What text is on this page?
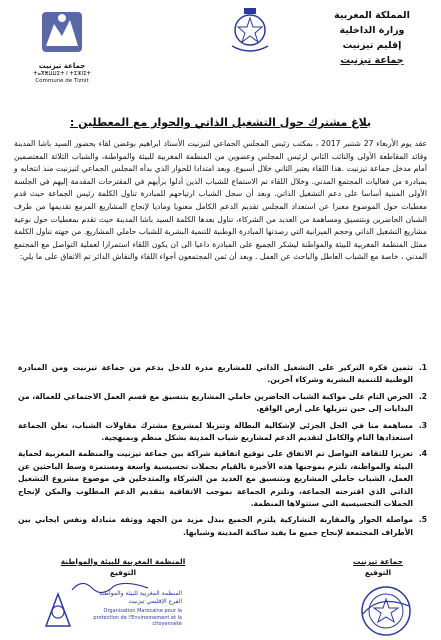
المملكة المغربية
وزارة الداخلية
إقليم تيزنيت
جماعة تيزنيت
جماعة تيزنيت
ⵜⴰⴳⴻⵡⵡⵉⵜ ⵏ ⵜⵉⵣⵏⵉⵜ
Commune de Tiznit
بلاغ مشترك حول التشغيل الذاتي والحوار مع المعطلين :
عقد يوم الأربعاء 27 شتنبر 2017 ، بمكتب رئيس المجلس الجماعي لتيزنيت الأستاذ ابراهيم بوغضن لقاء بحضور السيد باشا المدينة وقائد المقاطعة الأولى والنائب الثاني لرئيس المجلس وعضوين من المنظمة المغربية للبيئة والمواطنة، والشباب الثلاثة المعتصمين أمام مدخل جماعة تيزنيت .هذا اللقاء يعتبر الثاني خلال أسبوع. وبعد امتدادا للحوار الذي بدأه المجلس الجماعي لتيزنيت منذ انتخابه و بمبادرة من فعاليات المجتمع المدني. وخلال اللقاء تم الاستماع للشباب الذين أدلوا برأيهم في المقترحات المقدمة إليهم في الجلسة الأولى المبنية أساسا على دعم التشغيل الذاتي. وبعد أن سجل الشباب ارتياحهم للمبادرة تناول الكلمة رئيس الجماعة حيث قدم معطيات حول الموضوع معبرا عن استعداد المجلس تقديم الدعم الكامل معنويا وماديا لإنجاح المشاريع المزمع تقديمها من طرف الشبان الحاضرين وبتنسيق ومساهمة من العديد من الشركاء، تناول بعدها الكلمة السيد باشا المدينة حيث تقدم بمعطيات حول نوعية مشاريع التشغيل الذاتي وحجم الميزانية التي رصدتها المبادرة الوطنية للتنمية البشرية للشباب حاملي المشاريع. من جهته تناول الكلمة ممثل المنظمة المغربية للبيئة والمواطنة ليشكر الجميع على المبادرة داعيا الى ان يكون اللقاء استمرارا لعملية التواصل مع المجتمع المدني ، خاصة مع الشباب العاطل والباحث عن العمل . وبعد أن ثمن المجتمعون أجواء اللقاء والنقاش الدائر تم الاتفاق على ما يلي:
1.
تثمين فكرة التركيز على التشغيل الذاتي للمشاريع مدرة للدخل بدعم من جماعة تيزنيت ومن المبادرة الوطنية للتنمية البشرية وشركاء آخرين.
2.
الحرص التام على مواكبة الشباب الحاضرين حاملي المشاريع بتنسيق مع قسم العمل الاجتماعي للعمالة، من البدايات إلى حين تنزيلها على أرض الواقع.
3.
مساهمة منا في الحل الجزئي لإشكالية البطالة وتنزيلا لمشروع مشترك مقاولات الشباب، تعلن الجماعة استعدادها التام والكامل لتقديم الدعم لمشاريع شباب المدينة بشكل منظم وبمنهجية.
4.
تعزيزا للثقافة التواصل تم الاتفاق على توقيع اتفاقية شراكة بين جماعة تيزنيت والمنظمة المغربية لحماية البيئة والمواطنة، تلتزم بموجبها هذه الأخيرة بالقيام بحملات تحسيسية واسعة ومستمرة وسط الباحثين عن العمل، الشباب حاملي المشاريع وبتنسيق مع العديد من الشركاء والمتدخلين في موضوع مشروع التشغيل الذاتي الذي اقترحته الجماعة، وتلتزم الجماعة بموجب الاتفاقية بتقديم الدعم المطلوب والمكن لإنجاح الحملات التحسيسية التي ستتولاها المنظمة.
5.
مواصلة الحوار والمقاربة التشاركية يلتزم الجميع ببذل مزيد من الجهد ووثقة متبادلة ونفس ايجابي بين الأطراف المجتمعة لإنجاح جميع ما يفيد ساكنة المدينة وشبابها.
جماعة تيزنيت
التوقيع
المنظمة المغربية للبيئة والمواطنة
التوقيع
المنظمة المغربية للبيئة والمواطنة
الفرع الإقليمي تيزنيت
Organisation Marocaine pour la protection de l'Environnement et la citoyenneté
